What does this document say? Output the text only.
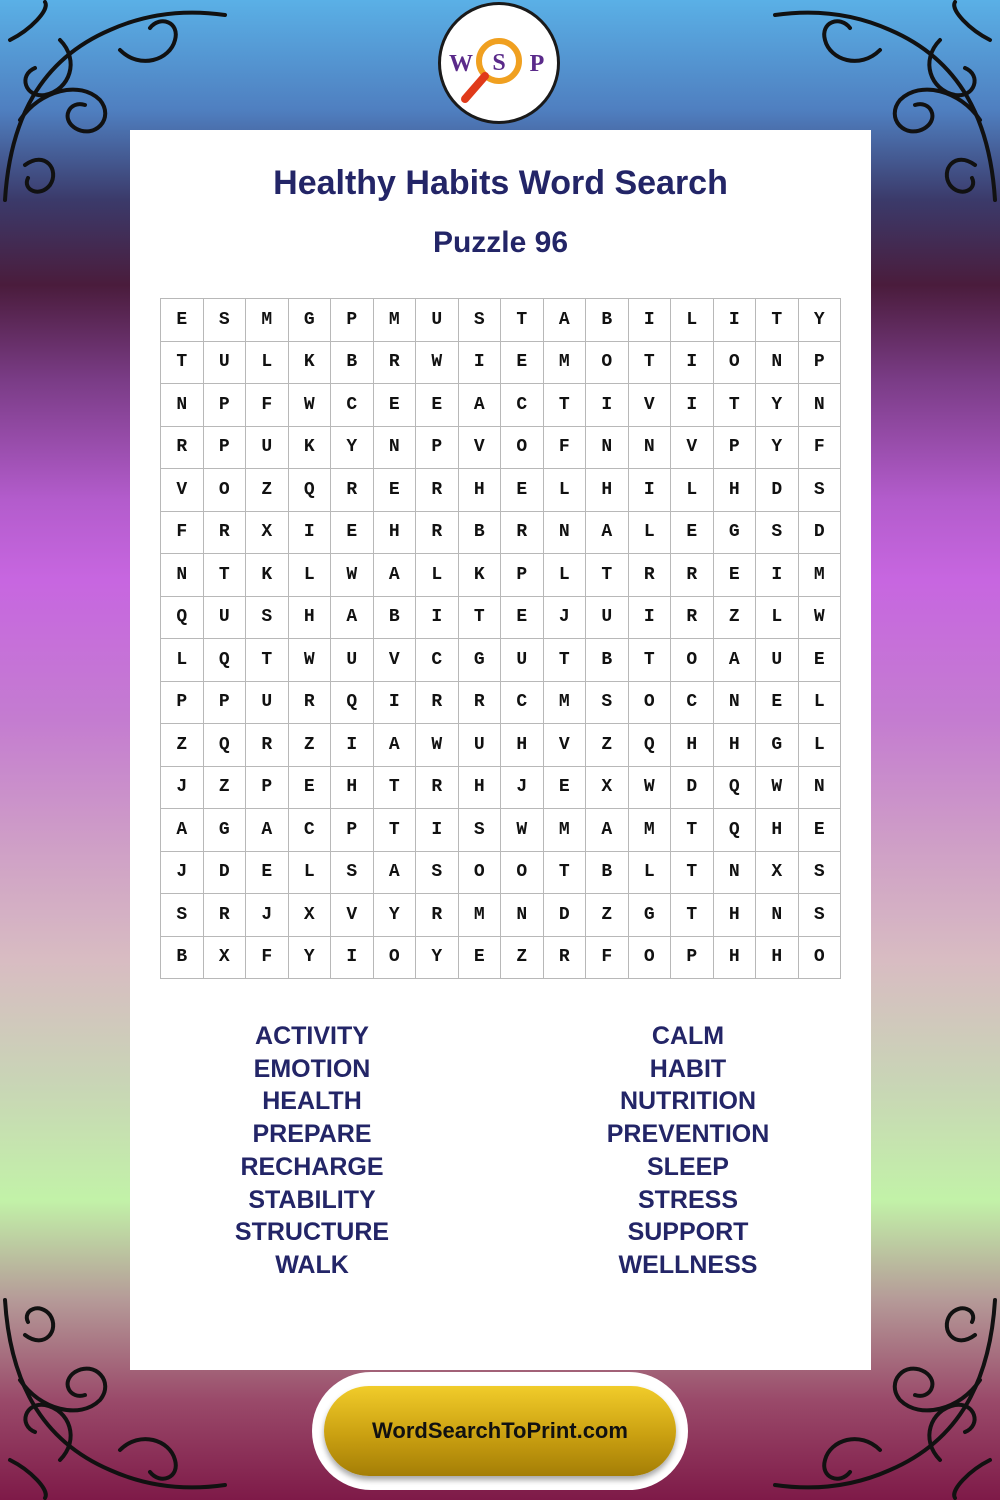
W S P
Healthy Habits Word Search
Puzzle 96
E	S	M	G	P	M	U	S	T	A	B	I	L	I	T	Y
T	U	L	K	B	R	W	I	E	M	O	T	I	O	N	P
N	P	F	W	C	E	E	A	C	T	I	V	I	T	Y	N
R	P	U	K	Y	N	P	V	O	F	N	N	V	P	Y	F
V	O	Z	Q	R	E	R	H	E	L	H	I	L	H	D	S
F	R	X	I	E	H	R	B	R	N	A	L	E	G	S	D
N	T	K	L	W	A	L	K	P	L	T	R	R	E	I	M
Q	U	S	H	A	B	I	T	E	J	U	I	R	Z	L	W
L	Q	T	W	U	V	C	G	U	T	B	T	O	A	U	E
P	P	U	R	Q	I	R	R	C	M	S	O	C	N	E	L
Z	Q	R	Z	I	A	W	U	H	V	Z	Q	H	H	G	L
J	Z	P	E	H	T	R	H	J	E	X	W	D	Q	W	N
A	G	A	C	P	T	I	S	W	M	A	M	T	Q	H	E
J	D	E	L	S	A	S	O	O	T	B	L	T	N	X	S
S	R	J	X	V	Y	R	M	N	D	Z	G	T	H	N	S
B	X	F	Y	I	O	Y	E	Z	R	F	O	P	H	H	O
ACTIVITY
EMOTION
HEALTH
PREPARE
RECHARGE
STABILITY
STRUCTURE
WALK
CALM
HABIT
NUTRITION
PREVENTION
SLEEP
STRESS
SUPPORT
WELLNESS
WordSearchToPrint.com
